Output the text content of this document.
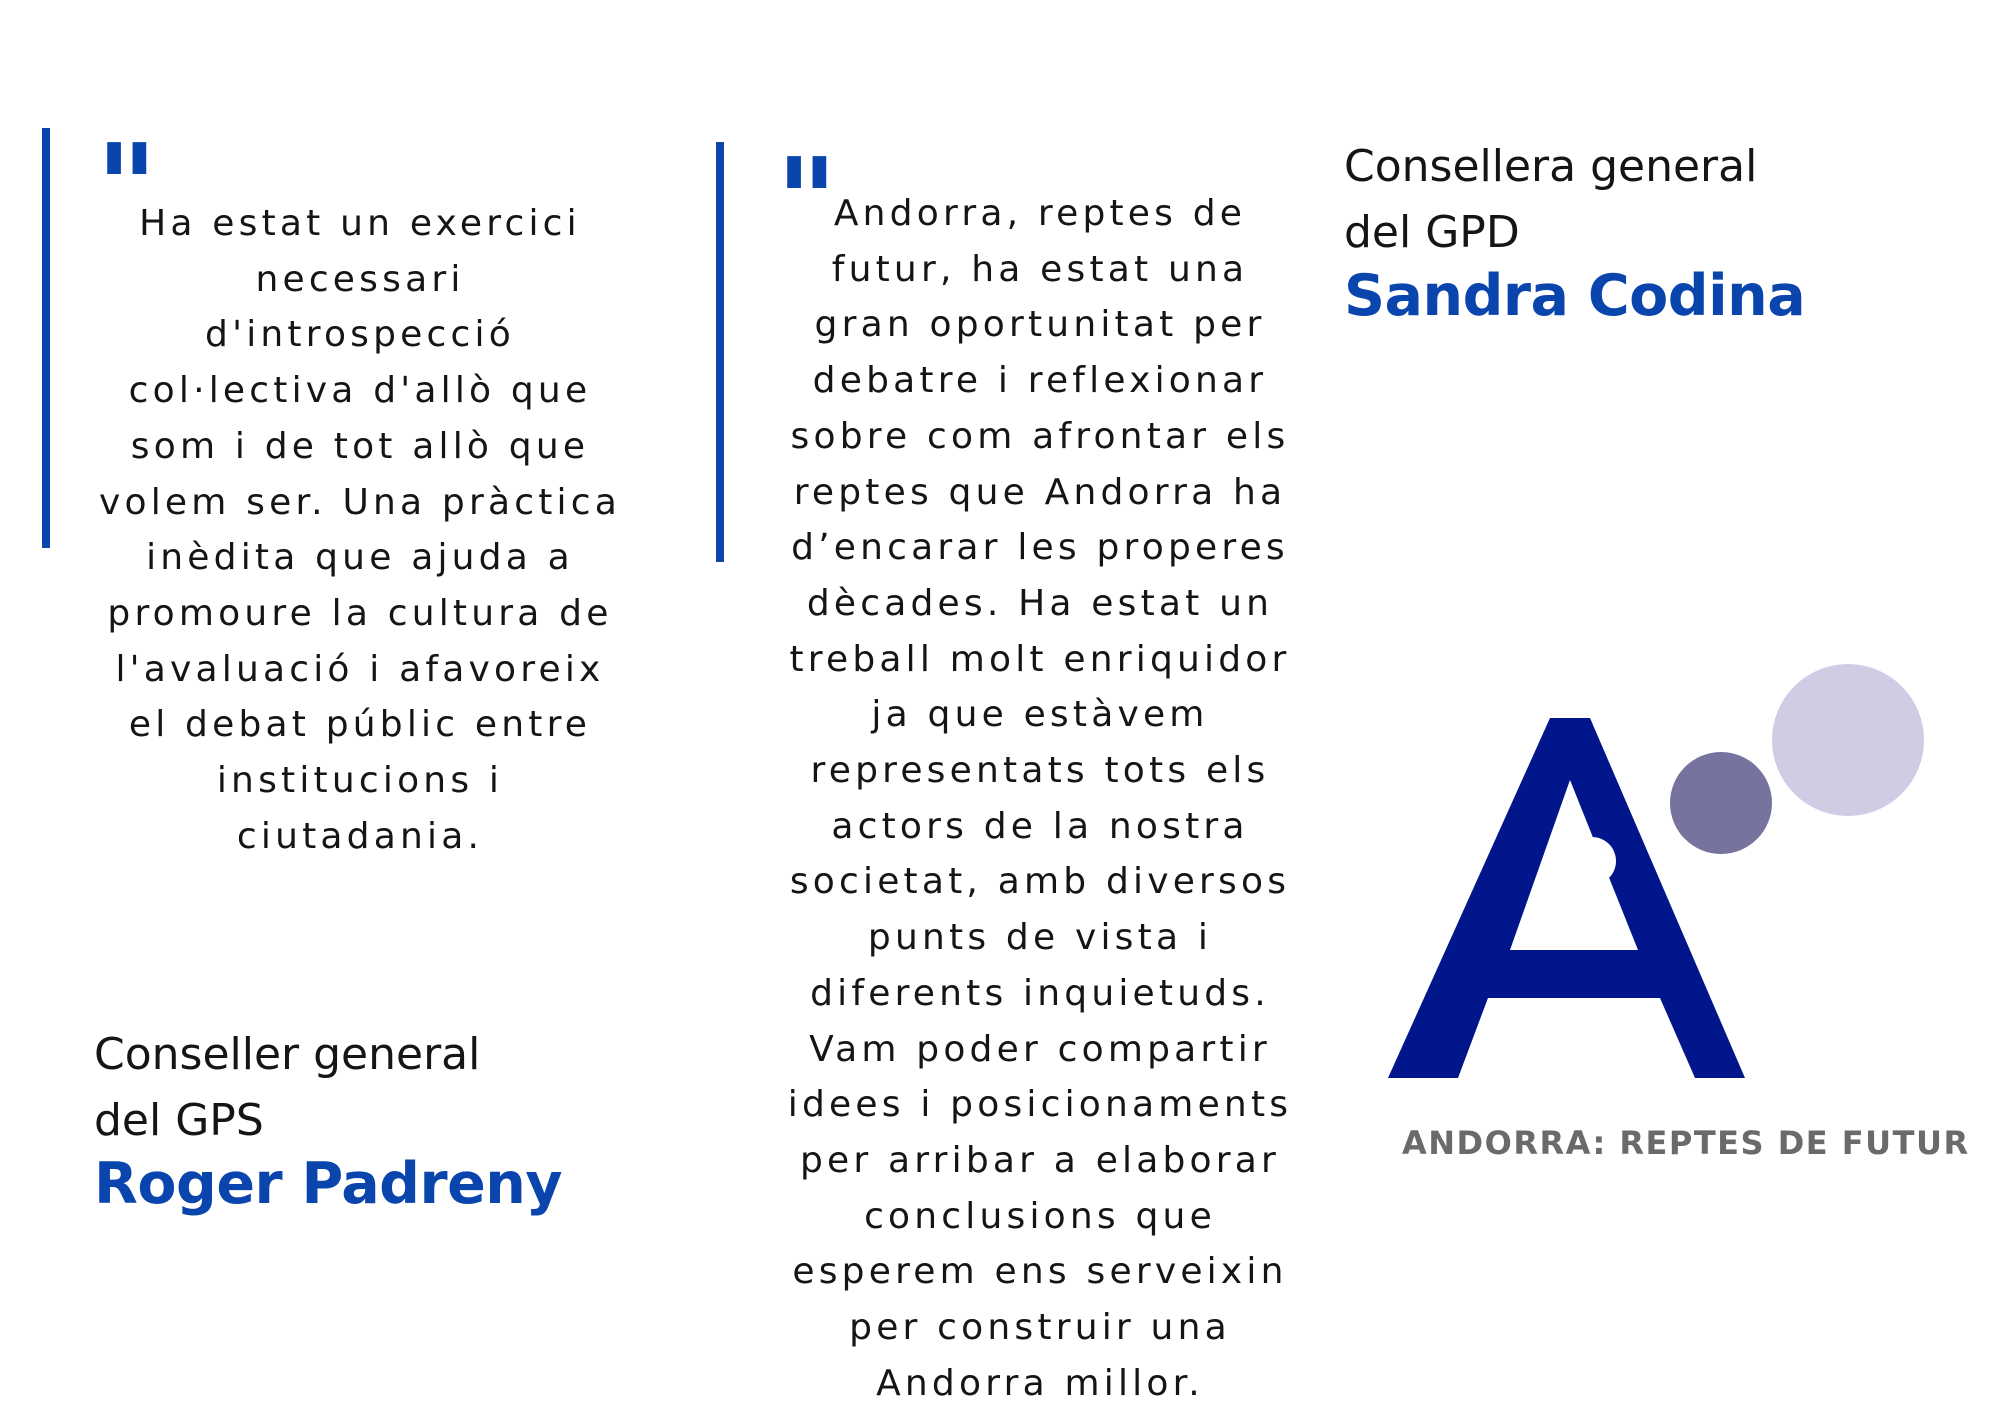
"
Ha estat un exercici
necessari
d'introspecció
col·lectiva d'allò que
som i de tot allò que
volem ser. Una pràctica
inèdita que ajuda a
promoure la cultura de
l'avaluació i afavoreix
el debat públic entre
institucions i
ciutadania.
Conseller general
del GPS
Roger Padreny
"
Andorra, reptes de
futur, ha estat una
gran oportunitat per
debatre i reflexionar
sobre com afrontar els
reptes que Andorra ha
d’encarar les properes
dècades. Ha estat un
treball molt enriquidor
ja que estàvem
representats tots els
actors de la nostra
societat, amb diversos
punts de vista i
diferents inquietuds.
Vam poder compartir
idees i posicionaments
per arribar a elaborar
conclusions que
esperem ens serveixin
per construir una
Andorra millor.
Consellera general
del GPD
Sandra Codina
ANDORRA: REPTES DE FUTUR
